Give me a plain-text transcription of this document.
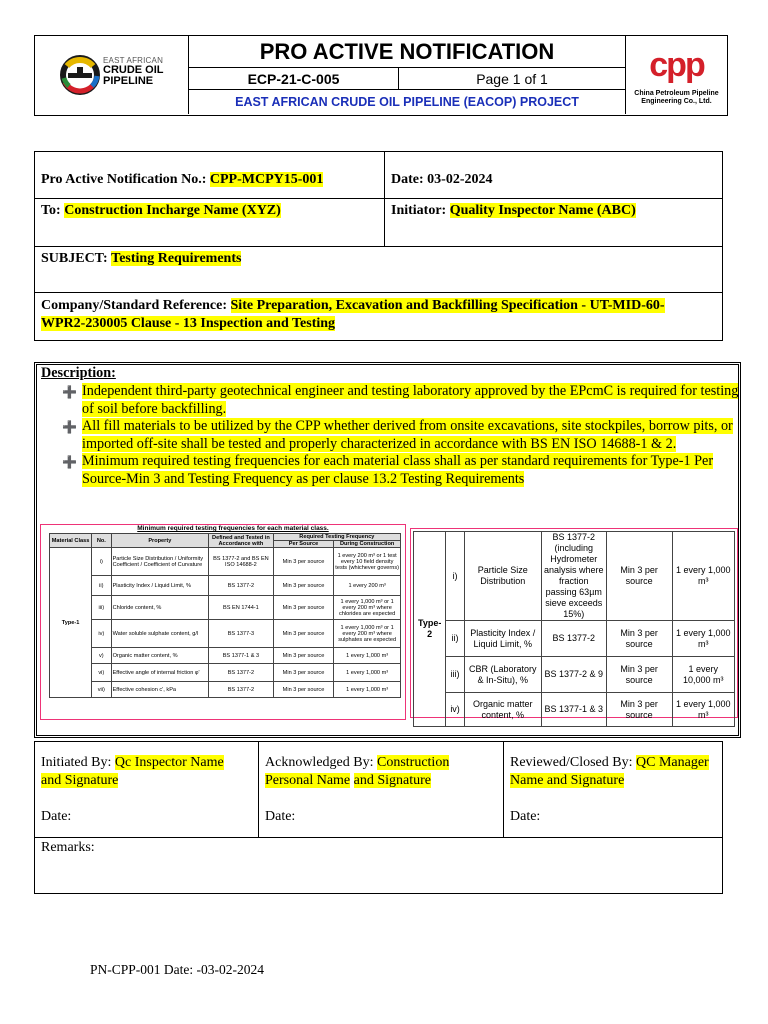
EAST AFRICAN
CRUDE OIL
PIPELINE
PRO ACTIVE NOTIFICATION
ECP-21-C-005	Page 1 of 1
EAST AFRICAN CRUDE OIL PIPELINE (EACOP) PROJECT
cpp
China Petroleum Pipeline
Engineering Co., Ltd.
Pro Active Notification No.: CPP-MCPY15-001	Date: 03-02-2024
To: Construction Incharge Name (XYZ)	Initiator: Quality Inspector Name (ABC)
SUBJECT: Testing Requirements
Company/Standard Reference: Site Preparation, Excavation and Backfilling Specification - UT-MID-60-
WPR2-230005 Clause - 13 Inspection and Testing
Description:
➕ Independent third-party geotechnical engineer and testing laboratory approved by the EPcmC is required for testing of soil before backfilling.
➕ All fill materials to be utilized by the CPP whether derived from onsite excavations, site stockpiles, borrow pits, or imported off-site shall be tested and properly characterized in accordance with BS EN ISO 14688-1 & 2.
➕ Minimum required testing frequencies for each material class shall as per standard requirements for Type-1 Per Source-Min 3 and Testing Frequency as per clause 13.2 Testing Requirements
Minimum required testing frequencies for each material class.
Material Class	No.	Property	Defined and Tested in Accordance with	Required Testing Frequency	
				Per Source	During Construction
Type-1	i)	Particle Size Distribution / Uniformity Coefficient / Coefficient of Curvature	BS 1377-2 and BS EN ISO 14688-2	Min 3 per source	1 every 200 m³ or 1 test every 10 field density tests (whichever governs)
	ii)	Plasticity Index / Liquid Limit, %	BS 1377-2	Min 3 per source	1 every 200 m³
	iii)	Chloride content, %	BS EN 1744-1	Min 3 per source	1 every 1,000 m³ or 1 every 200 m³ where chlorides are expected
	iv)	Water soluble sulphate content, g/l	BS 1377-3	Min 3 per source	1 every 1,000 m³ or 1 every 200 m³ where sulphates are expected
	v)	Organic matter content, %	BS 1377-1 & 3	Min 3 per source	1 every 1,000 m³
	vi)	Effective angle of internal friction φ'	BS 1377-2	Min 3 per source	1 every 1,000 m³
	vii)	Effective cohesion c', kPa	BS 1377-2	Min 3 per source	1 every 1,000 m³
Type-2	i)	Particle Size Distribution	BS 1377-2 (including Hydrometer analysis where fraction passing 63µm sieve exceeds 15%)	Min 3 per source	1 every 1,000 m³
	ii)	Plasticity Index / Liquid Limit, %	BS 1377-2	Min 3 per source	1 every 1,000 m³
	iii)	CBR (Laboratory & In-Situ), %	BS 1377-2 & 9	Min 3 per source	1 every 10,000 m³
	iv)	Organic matter content, %	BS 1377-1 & 3	Min 3 per source	1 every 1,000 m³
Initiated By: Qc Inspector Name
and Signature
Date:
Acknowledged By: Construction
Personal Name and Signature
Date:
Reviewed/Closed By: QC Manager
Name and Signature
Date:
Remarks:
PN-CPP-001 Date: -03-02-2024
